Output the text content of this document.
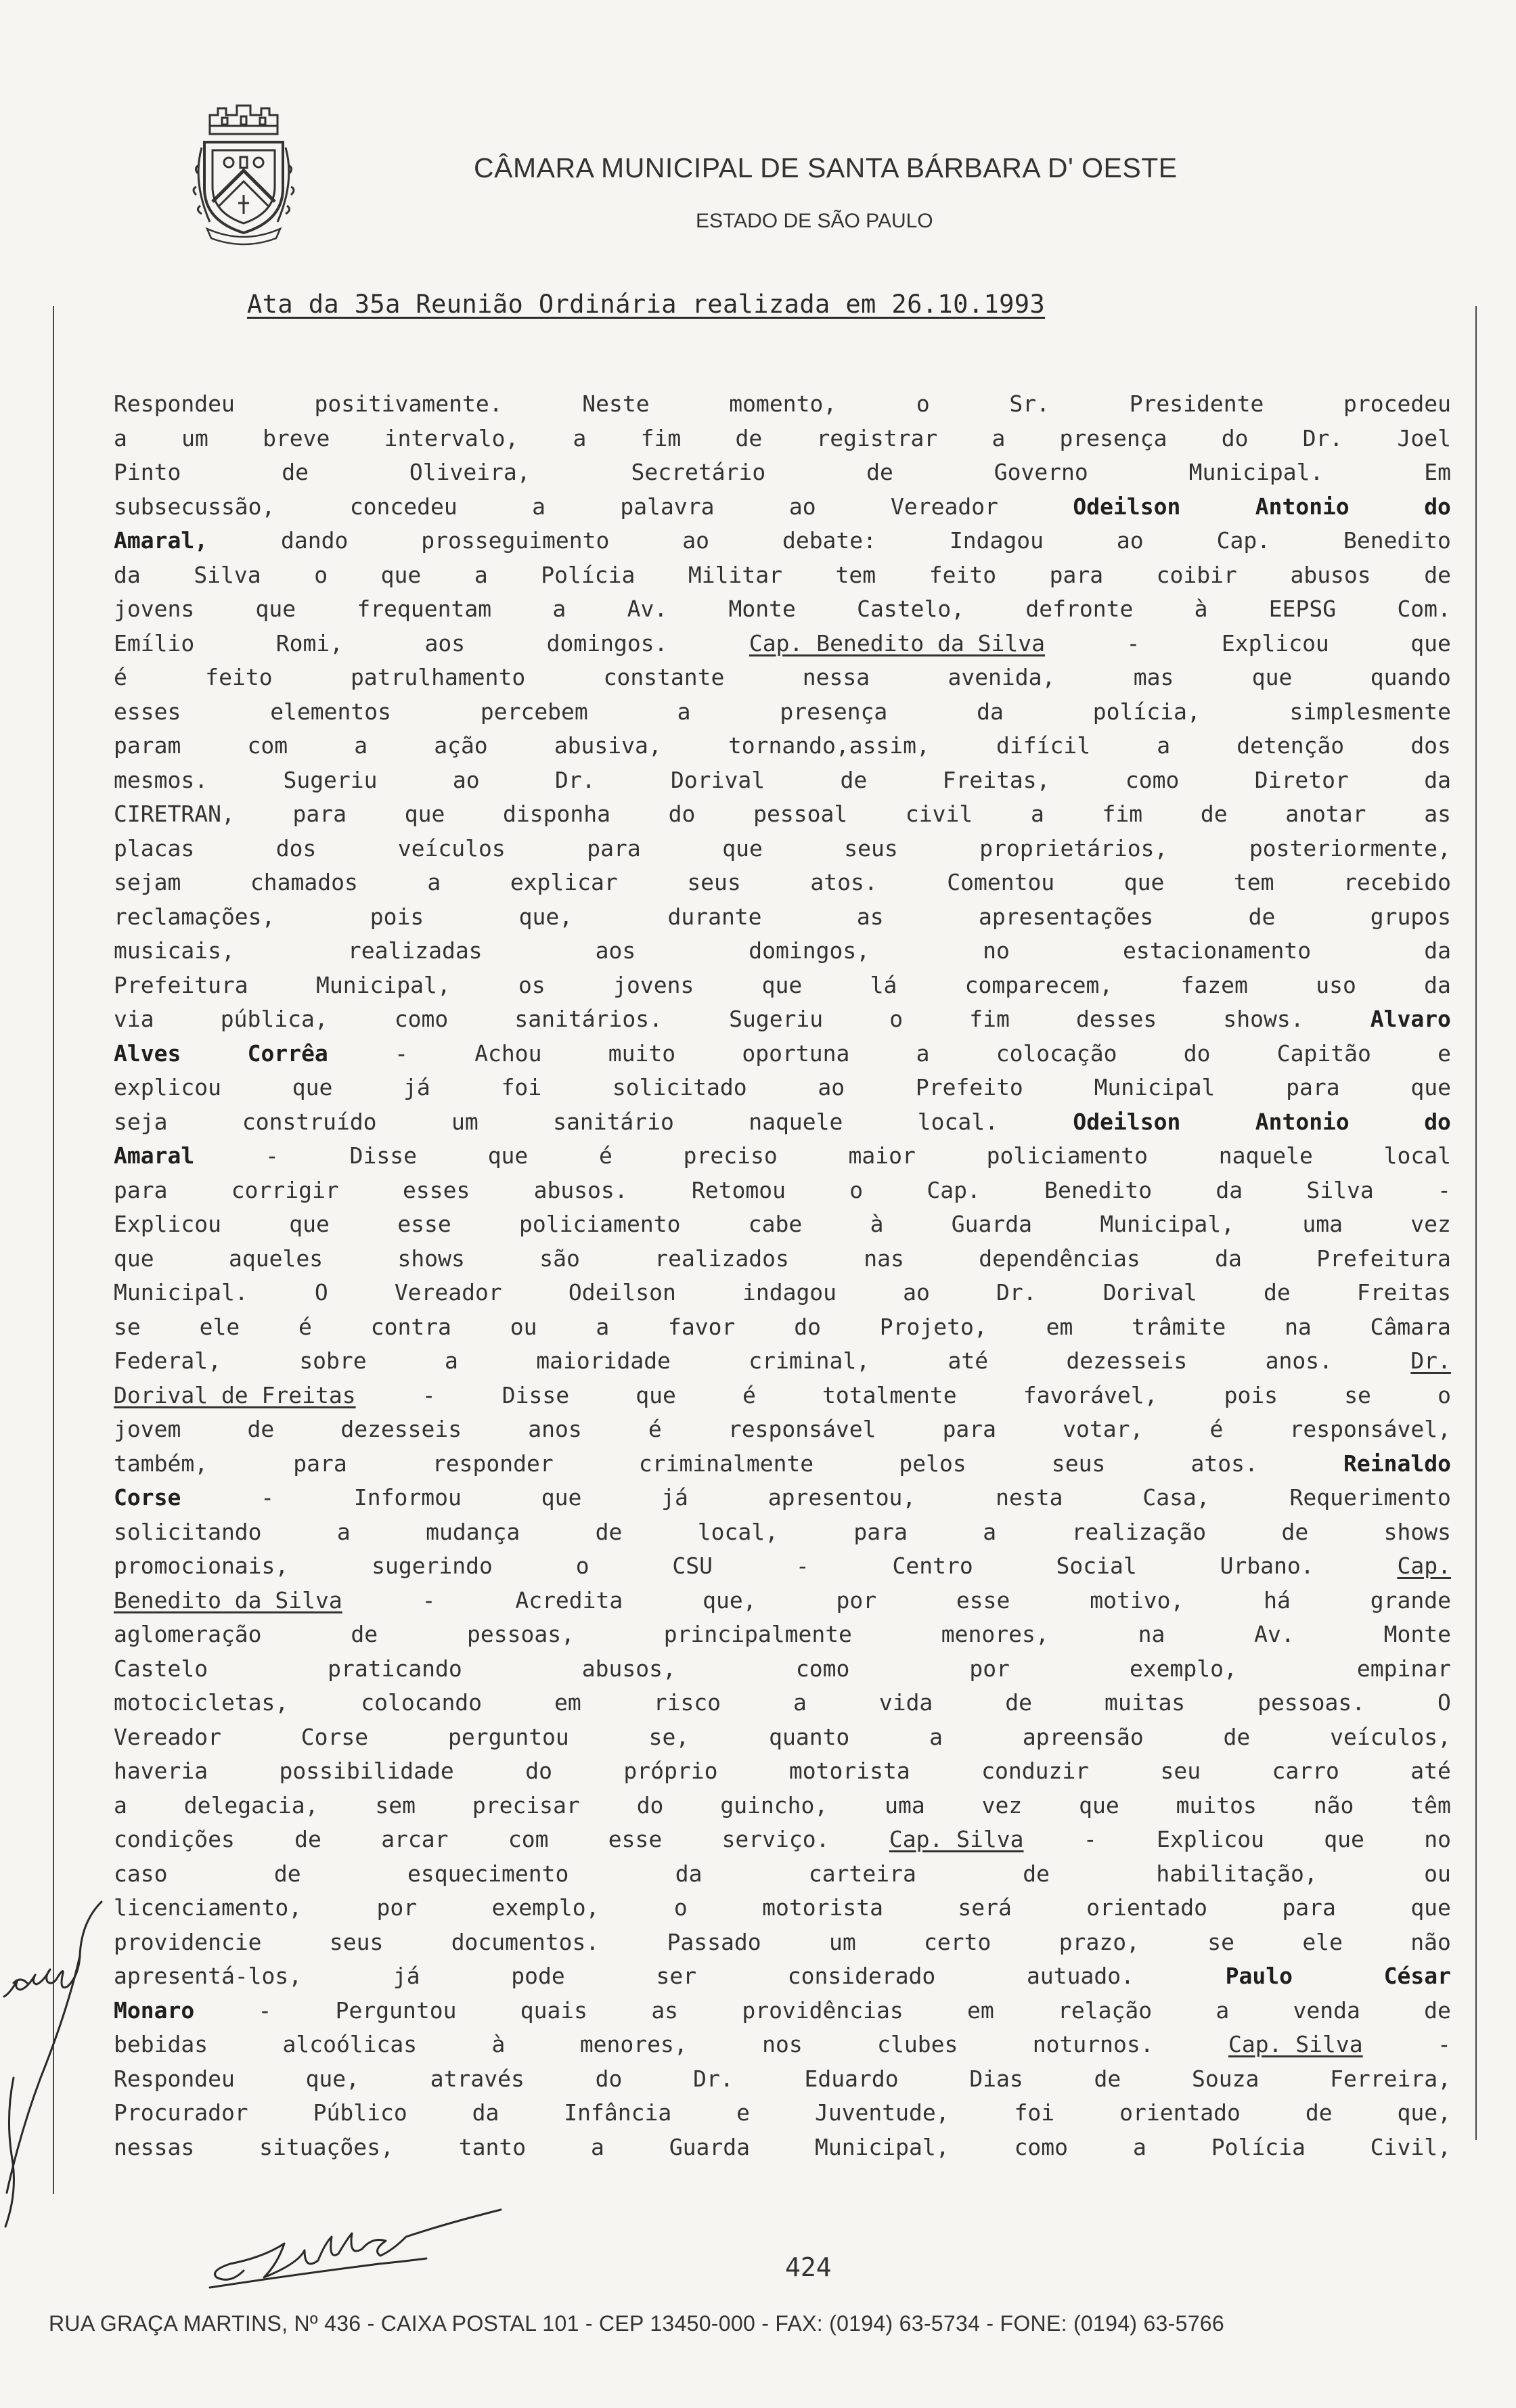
CÂMARA MUNICIPAL DE SANTA BÁRBARA D' OESTE
ESTADO DE SÃO PAULO
Ata da 35a Reunião Ordinária realizada em 26.10.1993
Respondeu	positivamente.	Neste	momento,	o	Sr.	Presidente	procedeu
a um breve intervalo, a fim de registrar a presença do Dr. Joel
Pinto	de	Oliveira,	Secretário	de	Governo	Municipal.	Em
subsecussão,	concedeu	a	palavra	ao	Vereador	Odeilson	Antonio	do
Amaral,	dando	prosseguimento	ao	debate:	Indagou	ao	Cap.	Benedito
da Silva o que a Polícia Militar tem feito para coibir abusos de
jovens	que	frequentam	a	Av.	Monte	Castelo,	defronte	à	EEPSG	Com.
Emílio	Romi,	aos	domingos.	Cap. Benedito da Silva	-	Explicou	que
é	feito	patrulhamento	constante	nessa	avenida,	mas	que	quando
esses	elementos	percebem	a	presença	da	polícia,	simplesmente
param	com	a	ação	abusiva,	tornando,assim,	difícil	a	detenção	dos
mesmos.	Sugeriu	ao	Dr.	Dorival	de	Freitas,	como	Diretor	da
CIRETRAN,	para	que	disponha	do	pessoal	civil	a	fim	de	anotar	as
placas	dos	veículos	para	que	seus	proprietários,	posteriormente,
sejam	chamados	a	explicar	seus	atos.	Comentou	que	tem	recebido
reclamações,	pois	que,	durante	as	apresentações	de	grupos
musicais,	realizadas	aos	domingos,	no	estacionamento	da
Prefeitura	Municipal,	os	jovens	que	lá	comparecem,	fazem	uso	da
via	pública,	como	sanitários.	Sugeriu	o	fim	desses	shows.	Alvaro
Alves	Corrêa	-	Achou	muito	oportuna	a	colocação	do	Capitão	e
explicou	que	já	foi	solicitado	ao	Prefeito	Municipal	para	que
seja	construído	um	sanitário	naquele	local.	Odeilson	Antonio	do
Amaral	-	Disse	que	é	preciso	maior	policiamento	naquele	local
para	corrigir	esses	abusos.	Retomou	o	Cap.	Benedito	da	Silva	-
Explicou	que	esse	policiamento	cabe	à	Guarda	Municipal,	uma	vez
que	aqueles	shows	são	realizados	nas	dependências	da	Prefeitura
Municipal.	O	Vereador	Odeilson	indagou	ao	Dr.	Dorival	de	Freitas
se	ele	é	contra	ou	a	favor	do	Projeto,	em	trâmite	na	Câmara
Federal,	sobre	a	maioridade	criminal,	até	dezesseis	anos.	Dr.
Dorival de Freitas	-	Disse	que	é	totalmente	favorável,	pois	se	o
jovem	de	dezesseis	anos	é	responsável	para	votar,	é	responsável,
também,	para	responder	criminalmente	pelos	seus	atos.	Reinaldo
Corse	-	Informou	que	já	apresentou,	nesta	Casa,	Requerimento
solicitando	a	mudança	de	local,	para	a	realização	de	shows
promocionais,	sugerindo	o	CSU	-	Centro	Social	Urbano.	Cap.
Benedito da Silva	-	Acredita	que,	por	esse	motivo,	há	grande
aglomeração	de	pessoas,	principalmente	menores,	na	Av.	Monte
Castelo	praticando	abusos,	como	por	exemplo,	empinar
motocicletas,	colocando	em	risco	a	vida	de	muitas	pessoas.	O
Vereador	Corse	perguntou	se,	quanto	a	apreensão	de	veículos,
haveria	possibilidade	do	próprio	motorista	conduzir	seu	carro	até
a	delegacia,	sem	precisar	do	guincho,	uma	vez	que	muitos	não	têm
condições	de	arcar	com	esse	serviço.	Cap. Silva	-	Explicou	que	no
caso	de	esquecimento	da	carteira	de	habilitação,	ou
licenciamento,	por	exemplo,	o	motorista	será	orientado	para	que
providencie	seus	documentos.	Passado	um	certo	prazo,	se	ele	não
apresentá-los,	já	pode	ser	considerado	autuado.	Paulo	César
Monaro	-	Perguntou	quais	as	providências	em	relação	a	venda	de
bebidas	alcoólicas	à	menores,	nos	clubes	noturnos.	Cap. Silva	-
Respondeu	que,	através	do	Dr.	Eduardo	Dias	de	Souza	Ferreira,
Procurador	Público	da	Infância	e	Juventude,	foi	orientado	de	que,
nessas	situações,	tanto	a	Guarda	Municipal,	como	a	Polícia	Civil,
424
RUA GRAÇA MARTINS, Nº 436 - CAIXA POSTAL 101 - CEP 13450-000 - FAX: (0194) 63-5734 - FONE: (0194) 63-5766
